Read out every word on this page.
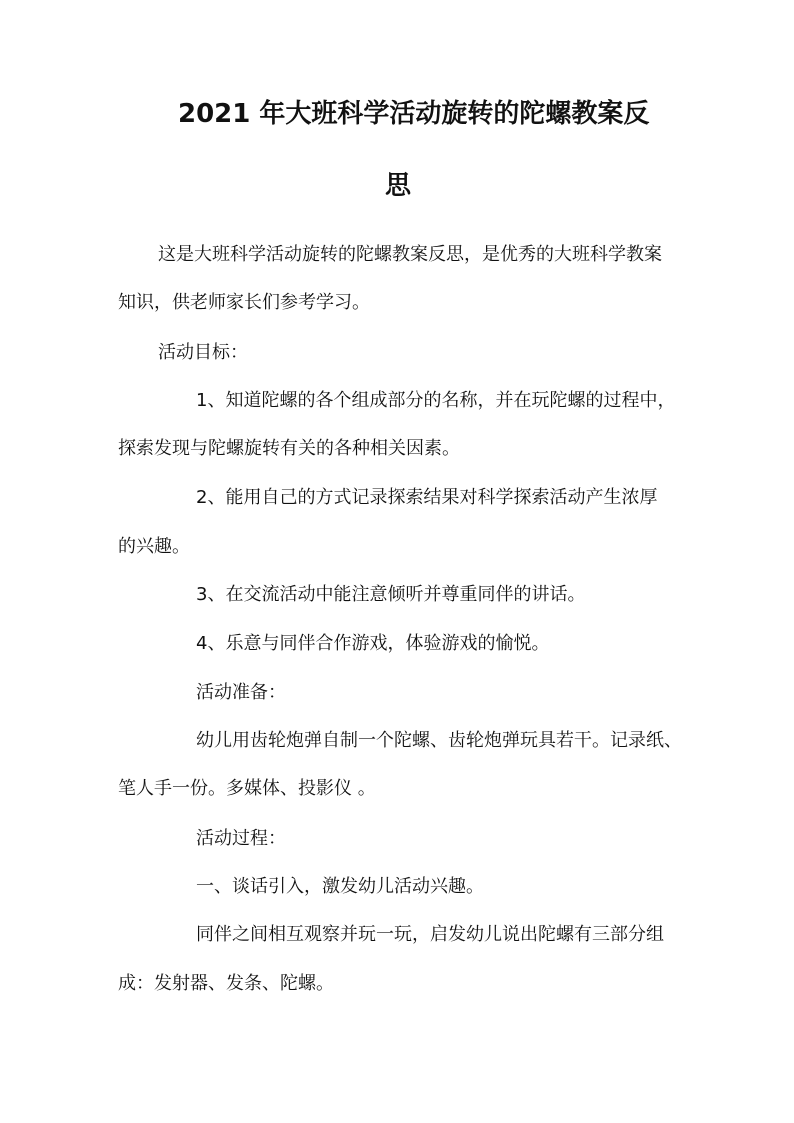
2021 年大班科学活动旋转的陀螺教案反
思
这是大班科学活动旋转的陀螺教案反思，是优秀的大班科学教案
知识，供老师家长们参考学习。
活动目标：
1、知道陀螺的各个组成部分的名称，并在玩陀螺的过程中，
探索发现与陀螺旋转有关的各种相关因素。
2、能用自己的方式记录探索结果对科学探索活动产生浓厚
的兴趣。
3、在交流活动中能注意倾听并尊重同伴的讲话。
4、乐意与同伴合作游戏，体验游戏的愉悦。
活动准备：
幼儿用齿轮炮弹自制一个陀螺、齿轮炮弹玩具若干。记录纸、
笔人手一份。多媒体、投影仪 。
活动过程：
一、谈话引入，激发幼儿活动兴趣。
同伴之间相互观察并玩一玩，启发幼儿说出陀螺有三部分组
成：发射器、发条、陀螺。
